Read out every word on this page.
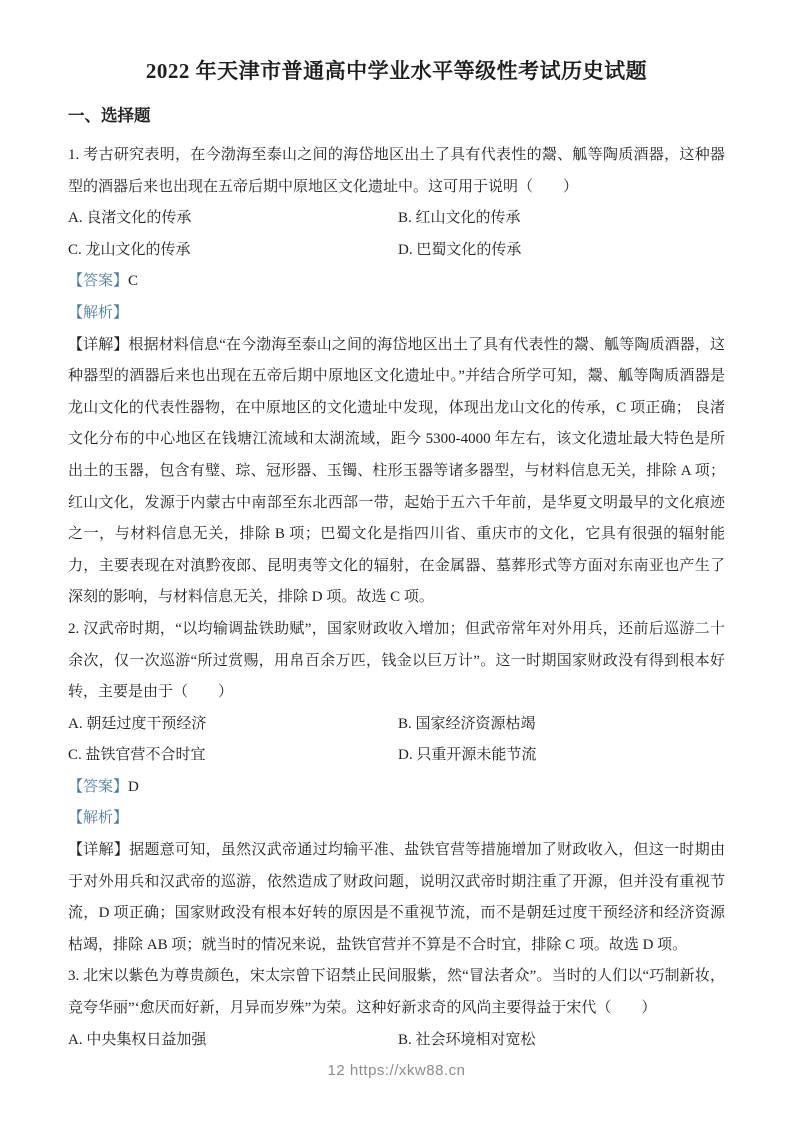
2022 年天津市普通高中学业水平等级性考试历史试题
一、选择题

1. 考古研究表明，在今渤海至泰山之间的海岱地区出土了具有代表性的鬶、觚等陶质酒器，这种器型的酒器后来也出现在五帝后期中原地区文化遗址中。这可用于说明（　　）

A. 良渚文化的传承	B. 红山文化的传承
C. 龙山文化的传承	D. 巴蜀文化的传承

【答案】C

【解析】

【详解】根据材料信息“在今渤海至泰山之间的海岱地区出土了具有代表性的鬶、觚等陶质酒器，这种器型的酒器后来也出现在五帝后期中原地区文化遗址中。”并结合所学可知，鬶、觚等陶质酒器是龙山文化的代表性器物，在中原地区的文化遗址中发现，体现出龙山文化的传承，C 项正确； 良渚文化分布的中心地区在钱塘江流域和太湖流域，距今 5300-4000 年左右，该文化遗址最大特色是所出土的玉器，包含有璧、琮、冠形器、玉镯、柱形玉器等诸多器型，与材料信息无关，排除 A 项；红山文化，发源于内蒙古中南部至东北西部一带，起始于五六千年前，是华夏文明最早的文化痕迹之一，与材料信息无关，排除 B 项；巴蜀文化是指四川省、重庆市的文化，它具有很强的辐射能力，主要表现在对滇黔夜郎、昆明夷等文化的辐射，在金属器、墓葬形式等方面对东南亚也产生了深刻的影响，与材料信息无关，排除 D 项。故选 C 项。

2. 汉武帝时期，“以均输调盐铁助赋”，国家财政收入增加；但武帝常年对外用兵，还前后巡游二十余次，仅一次巡游“所过赏赐，用帛百余万匹，钱金以巨万计”。这一时期国家财政没有得到根本好转，主要是由于（　　）

A. 朝廷过度干预经济	B. 国家经济资源枯竭
C. 盐铁官营不合时宜	D. 只重开源未能节流

【答案】D

【解析】

【详解】据题意可知，虽然汉武帝通过均输平准、盐铁官营等措施增加了财政收入，但这一时期由于对外用兵和汉武帝的巡游，依然造成了财政问题，说明汉武帝时期注重了开源，但并没有重视节流，D 项正确；国家财政没有根本好转的原因是不重视节流，而不是朝廷过度干预经济和经济资源枯竭，排除 AB 项；就当时的情况来说，盐铁官营并不算是不合时宜，排除 C 项。故选 D 项。

3. 北宋以紫色为尊贵颜色，宋太宗曾下诏禁止民间服紫，然“冒法者众”。当时的人们以“巧制新妆，竞夸华丽”‘愈厌而好新，月异而岁殊”为荣。这种好新求奇的风尚主要得益于宋代（　　）

A. 中央集权日益加强	B. 社会环境相对宽松
12 https://xkw88.cn
